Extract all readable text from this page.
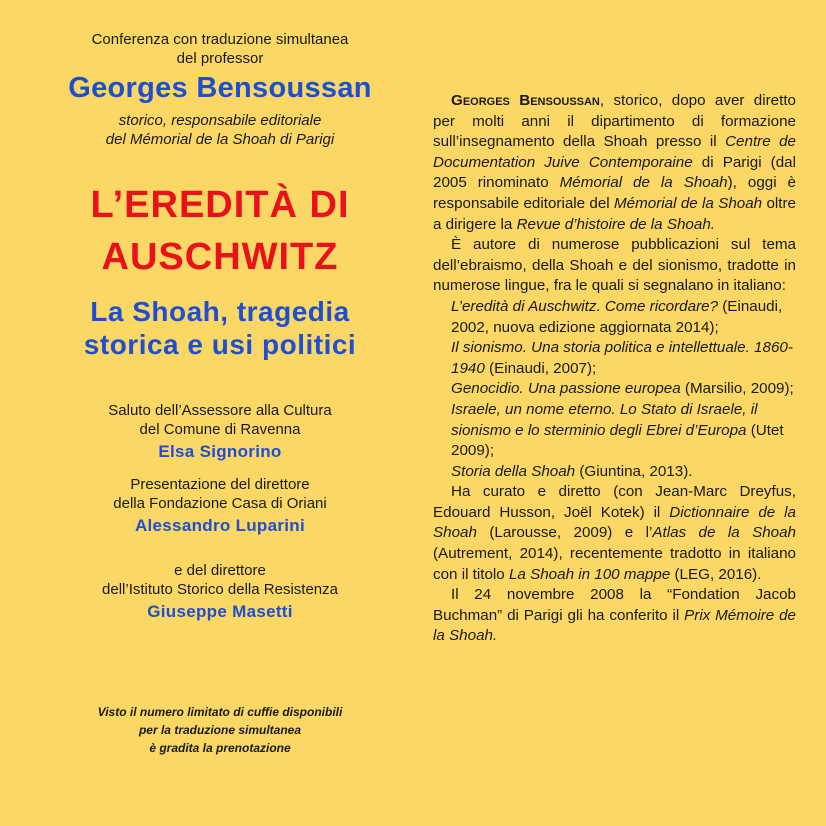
Conferenza con traduzione simultanea
del professor
Georges Bensoussan
storico, responsabile editoriale
del Mémorial de la Shoah di Parigi
L’EREDITÀ DI
AUSCHWITZ
La Shoah, tragedia
storica e usi politici
Saluto dell’Assessore alla Cultura
del Comune di Ravenna
Elsa Signorino
Presentazione del direttore
della Fondazione Casa di Oriani
Alessandro Luparini
e del direttore
dell’Istituto Storico della Resistenza
Giuseppe Masetti
Visto il numero limitato di cuffie disponibili
per la traduzione simultanea
è gradita la prenotazione

Georges Bensoussan, storico, dopo aver diretto per molti anni il dipartimento di formazione sull’insegnamento della Shoah presso il Centre de Documentation Juive Contemporaine di Parigi (dal 2005 rinominato Mémorial de la Shoah), oggi è responsabile editoriale del Mémorial de la Shoah oltre a dirigere la Revue d’histoire de la Shoah.

È autore di numerose pubblicazioni sul tema dell’ebraismo, della Shoah e del sionismo, tradotte in numerose lingue, fra le quali si segnalano in italiano:

L’eredità di Auschwitz. Come ricordare? (Einaudi, 2002, nuova edizione aggiornata 2014);

Il sionismo. Una storia politica e intellettuale. 1860-1940 (Einaudi, 2007);

Genocidio. Una passione europea (Marsilio, 2009);

Israele, un nome eterno. Lo Stato di Israele, il sionismo e lo sterminio degli Ebrei d’Europa (Utet 2009);

Storia della Shoah (Giuntina, 2013).

Ha curato e diretto (con Jean-Marc Dreyfus, Edouard Husson, Joël Kotek) il Dictionnaire de la Shoah (Larousse, 2009) e l’Atlas de la Shoah (Autrement, 2014), recentemente tradotto in italiano con il titolo La Shoah in 100 mappe (LEG, 2016).

Il 24 novembre 2008 la “Fondation Jacob Buchman” di Parigi gli ha conferito il Prix Mémoire de la Shoah.
